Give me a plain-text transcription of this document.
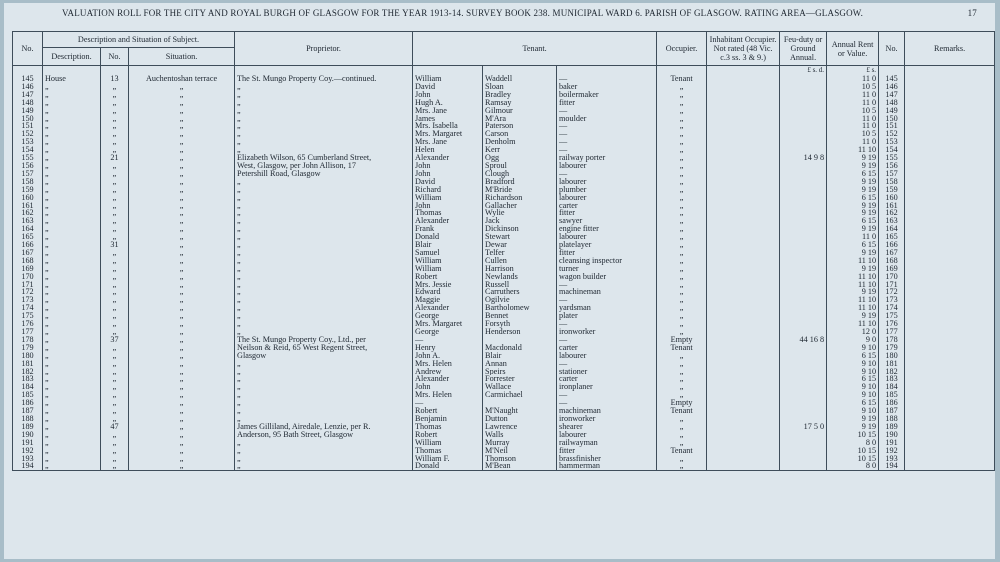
VALUATION ROLL FOR THE CITY AND ROYAL BURGH OF GLASGOW FOR THE YEAR 1913-14. SURVEY BOOK 238. MUNICIPAL WARD 6. PARISH OF GLASGOW. RATING AREA—GLASGOW.	17
No.	Description and Situation of Subject.			Proprietor.	Tenant.			Occupier.	Inhabitant Occupier. Not rated (48 Vic. c.3 ss. 3 & 9.)	Feu-duty or Ground Annual.	Annual Rent or Value.	No.	Remarks.
	Description.	No.	Situation.										
										£ s. d.	£ s.		
145	House	13	Auchentoshan terrace	The St. Mungo Property Coy.—continued.	William	Waddell	—	Tenant			11 0	145	
146	„	„	„	„	David	Sloan	baker	„			10 5	146	
147	„	„	„	„	John	Bradley	boilermaker	„			11 0	147	
148	„	„	„	„	Hugh A.	Ramsay	fitter	„			11 0	148	
149	„	„	„	„	Mrs. Jane	Gilmour	—	„			10 5	149	
150	„	„	„	„	James	M'Ara	moulder	„			11 0	150	
151	„	„	„	„	Mrs. Isabella	Paterson	—	„			11 0	151	
152	„	„	„	„	Mrs. Margaret	Carson	—	„			10 5	152	
153	„	„	„	„	Mrs. Jane	Denholm	—	„			11 0	153	
154	„	„	„	„	Helen	Kerr	—	„			11 10	154	
155	„	21	„	Elizabeth Wilson, 65 Cumberland Street,	Alexander	Ogg	railway porter	„		14 9 8	9 19	155	
156	„	„	„	West, Glasgow, per John Allison, 17	John	Sproul	labourer	„			9 19	156	
157	„	„	„	Petershill Road, Glasgow	John	Clough	—	„			6 15	157	
158	„	„	„	„	David	Bradford	labourer	„			9 19	158	
159	„	„	„	„	Richard	M'Bride	plumber	„			9 19	159	
160	„	„	„	„	William	Richardson	labourer	„			6 15	160	
161	„	„	„	„	John	Gallacher	carter	„			9 19	161	
162	„	„	„	„	Thomas	Wylie	fitter	„			9 19	162	
163	„	„	„	„	Alexander	Jack	sawyer	„			6 15	163	
164	„	„	„	„	Frank	Dickinson	engine fitter	„			9 19	164	
165	„	„	„	„	Donald	Stewart	labourer	„			11 0	165	
166	„	31	„	„	Blair	Dewar	platelayer	„			6 15	166	
167	„	„	„	„	Samuel	Telfer	fitter	„			9 19	167	
168	„	„	„	„	William	Cullen	cleansing inspector	„			11 10	168	
169	„	„	„	„	William	Harrison	turner	„			9 19	169	
170	„	„	„	„	Robert	Newlands	wagon builder	„			11 10	170	
171	„	„	„	„	Mrs. Jessie	Russell	—	„			11 10	171	
172	„	„	„	„	Edward	Carruthers	machineman	„			9 19	172	
173	„	„	„	„	Maggie	Ogilvie	—	„			11 10	173	
174	„	„	„	„	Alexander	Bartholomew	yardsman	„			11 10	174	
175	„	„	„	„	George	Bennet	plater	„			9 19	175	
176	„	„	„	„	Mrs. Margaret	Forsyth	—	„			11 10	176	
177	„	„	„	„	George	Henderson	ironworker	„			12 0	177	
178	„	37	„	The St. Mungo Property Coy., Ltd., per	—		—	Empty		44 16 8	9 0	178	
179	„	„	„	Neilson & Reid, 65 West Regent Street,	Henry	Macdonald	carter	Tenant			9 10	179	
180	„	„	„	Glasgow	John A.	Blair	labourer	„			6 15	180	
181	„	„	„	„	Mrs. Helen	Annan	—	„			9 10	181	
182	„	„	„	„	Andrew	Speirs	stationer	„			9 10	182	
183	„	„	„	„	Alexander	Forrester	carter	„			6 15	183	
184	„	„	„	„	John	Wallace	ironplaner	„			9 10	184	
185	„	„	„	„	Mrs. Helen	Carmichael	—	„			9 10	185	
186	„	„	„	„	—		—	Empty			6 15	186	
187	„	„	„	„	Robert	M'Naught	machineman	Tenant			9 10	187	
188	„	„	„	„	Benjamin	Dutton	ironworker	„			9 19	188	
189	„	47	„	James Gilliland, Airedale, Lenzie, per R.	Thomas	Lawrence	shearer	„		17 5 0	9 19	189	
190	„	„	„	Anderson, 95 Bath Street, Glasgow	Robert	Walls	labourer	„			10 15	190	
191	„	„	„	„	William	Murray	railwayman	„			8 0	191	
192	„	„	„	„	Thomas	M'Neil	fitter	Tenant			10 15	192	
193	„	„	„	„	William F.	Thomson	brassfinisher	„			10 15	193	
194	„	„	„	„	Donald	M'Bean	hammerman	„			8 0	194	
